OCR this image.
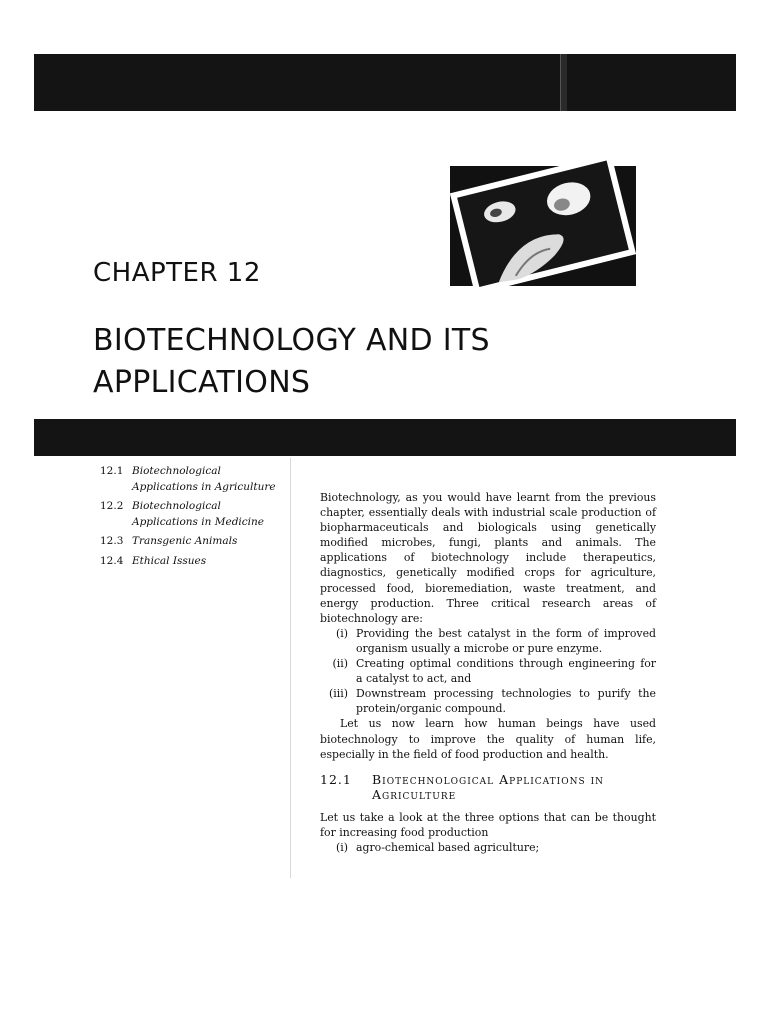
CHAPTER 12
BIOTECHNOLOGY AND ITS
APPLICATIONS
12.1 Biotechnological Applications in Agriculture
12.2 Biotechnological Applications in Medicine
12.3 Transgenic Animals
12.4 Ethical Issues

Biotechnology, as you would have learnt from the previous chapter, essentially deals with industrial scale production of biopharmaceuticals and biologicals using genetically modified microbes, fungi, plants and animals. The applications of biotechnology include therapeutics, diagnostics, genetically modified crops for agriculture, processed food, bioremediation, waste treatment, and energy production. Three critical research areas of biotechnology are:

(i) Providing the best catalyst in the form of improved organism usually a microbe or pure enzyme.
(ii) Creating optimal conditions through engineering for a catalyst to act, and
(iii) Downstream processing technologies to purify the protein/organic compound.

Let us now learn how human beings have used biotechnology to improve the quality of human life, especially in the field of food production and health.

12.1	Biotechnological Applications in Agriculture

Let us take a look at the three options that can be thought for increasing food production

(i) agro-chemical based agriculture;
